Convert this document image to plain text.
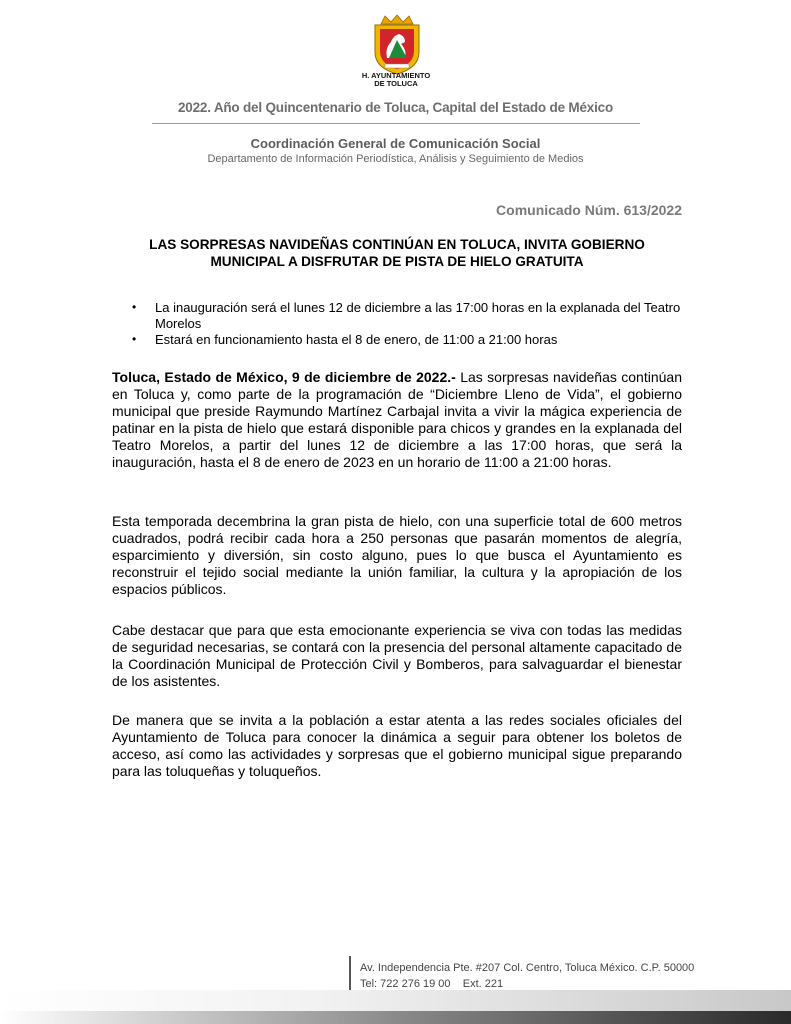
H. AYUNTAMIENTO
DE TOLUCA
2022. Año del Quincentenario de Toluca, Capital del Estado de México
Coordinación General de Comunicación Social
Departamento de Información Periodística, Análisis y Seguimiento de Medios
Comunicado Núm. 613/2022
LAS SORPRESAS NAVIDEÑAS CONTINÚAN EN TOLUCA, INVITA GOBIERNO MUNICIPAL A DISFRUTAR DE PISTA DE HIELO GRATUITA
• La inauguración será el lunes 12 de diciembre a las 17:00 horas en la explanada del Teatro Morelos
• Estará en funcionamiento hasta el 8 de enero, de 11:00 a 21:00 horas

Toluca, Estado de México, 9 de diciembre de 2022.- Las sorpresas navideñas continúan en Toluca y, como parte de la programación de “Diciembre Lleno de Vida”, el gobierno municipal que preside Raymundo Martínez Carbajal invita a vivir la mágica experiencia de patinar en la pista de hielo que estará disponible para chicos y grandes en la explanada del Teatro Morelos, a partir del lunes 12 de diciembre a las 17:00 horas, que será la inauguración, hasta el 8 de enero de 2023 en un horario de 11:00 a 21:00 horas.

Esta temporada decembrina la gran pista de hielo, con una superficie total de 600 metros cuadrados, podrá recibir cada hora a 250 personas que pasarán momentos de alegría, esparcimiento y diversión, sin costo alguno, pues lo que busca el Ayuntamiento es reconstruir el tejido social mediante la unión familiar, la cultura y la apropiación de los espacios públicos.

Cabe destacar que para que esta emocionante experiencia se viva con todas las medidas de seguridad necesarias, se contará con la presencia del personal altamente capacitado de la Coordinación Municipal de Protección Civil y Bomberos, para salvaguardar el bienestar de los asistentes.

De manera que se invita a la población a estar atenta a las redes sociales oficiales del Ayuntamiento de Toluca para conocer la dinámica a seguir para obtener los boletos de acceso, así como las actividades y sorpresas que el gobierno municipal sigue preparando para las toluqueñas y toluqueños.

Av. Independencia Pte. #207 Col. Centro, Toluca México. C.P. 50000
Tel: 722 276 19 00    Ext. 221
